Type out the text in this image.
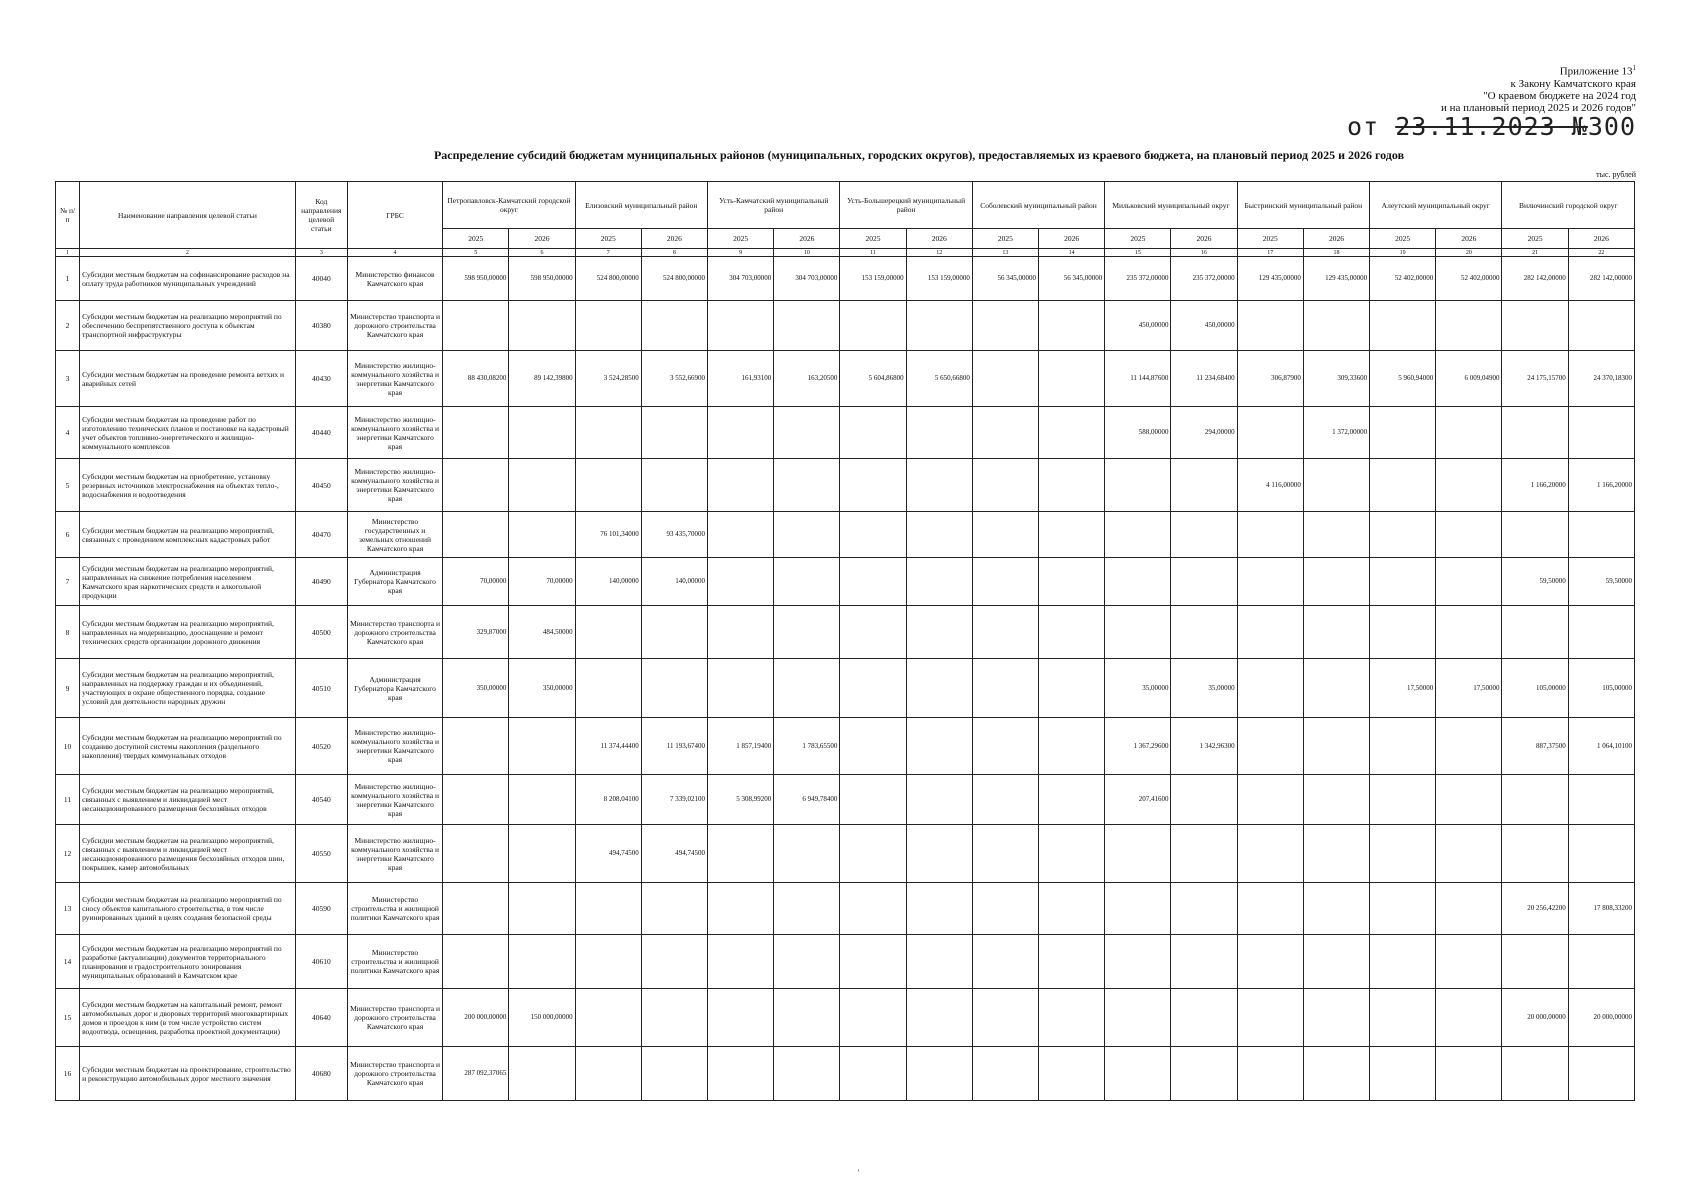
Приложение $13^1$
к Закону Камчатского края
"О краевом бюджете на 2024 год
и на плановый период 2025 и 2026 годов"
от 23.11.2023 №300
Распределение субсидий бюджетам муниципальных районов (муниципальных, городских округов), предоставляемых из краевого бюджета, на плановый период 2025 и 2026 годов
тыс. рублей
№ п/п	Наименование направления целевой статьи	Код направления целевой статьи	ГРБС	Петропавловск-Камчатский городской округ		Елизовский муниципальный район		Усть-Камчатский муниципальный район		Усть-Большерецкий муниципальный район		Соболевский муниципальный район		Мильковский муниципальный округ		Быстринский муниципальный район		Алеутский муниципальный округ		Вилючинский городской округ	
				2025	2026	2025	2026	2025	2026	2025	2026	2025	2026	2025	2026	2025	2026	2025	2026	2025	2026
1	2	3	4	5	6	7	8	9	10	11	12	13	14	15	16	17	18	19	20	21	22
1	Субсидии местным бюджетам на софинансирование расходов на оплату труда работников муниципальных учреждений	40040	Министерство финансов Камчатского края	598 950,00000	598 950,00000	524 800,00000	524 800,00000	304 703,00000	304 703,00000	153 159,00000	153 159,00000	56 345,00000	56 345,00000	235 372,00000	235 372,00000	129 435,00000	129 435,00000	52 402,00000	52 402,00000	282 142,00000	282 142,00000
2	Субсидии местным бюджетам на реализацию мероприятий по обеспечению беспрепятственного доступа к объектам транспортной инфраструктуры	40380	Министерство транспорта и дорожного строительства Камчатского края											450,00000	450,00000						
3	Субсидии местным бюджетам на проведение ремонта ветхих и аварийных сетей	40430	Министерство жилищно-коммунального хозяйства и энергетики Камчатского края	88 430,08200	89 142,39800	3 524,28500	3 552,66900	161,93100	163,20500	5 604,86800	5 650,66800			11 144,87600	11 234,68400	306,87900	309,33600	5 960,94000	6 009,04900	24 175,15700	24 370,18300
4	Субсидии местным бюджетам на проведение работ по изготовлению технических планов и постановке на кадастровый учет объектов топливно-энергетического и жилищно-коммунального комплексов	40440	Министерство жилищно-коммунального хозяйства и энергетики Камчатского края											588,00000	294,00000		1 372,00000				
5	Субсидии местным бюджетам на приобретение, установку резервных источников электроснабжения на объектах тепло-, водоснабжения и водоотведения	40450	Министерство жилищно-коммунального хозяйства и энергетики Камчатского края													4 116,00000				1 166,20000	1 166,20000
6	Субсидии местным бюджетам на реализацию мероприятий, связанных с проведением комплексных кадастровых работ	40470	Министерство государственных и земельных отношений Камчатского края			76 101,34000	93 435,70000														
7	Субсидии местным бюджетам на реализацию мероприятий, направленных на снижение потребления населением Камчатского края наркотических средств и алкогольной продукции	40490	Администрация Губернатора Камчатского края	70,00000	70,00000	140,00000	140,00000													59,50000	59,50000
8	Субсидии местным бюджетам на реализацию мероприятий, направленных на модернизацию, дооснащение и ремонт технических средств организации дорожного движения	40500	Министерство транспорта и дорожного строительства Камчатского края	329,87000	484,50000																
9	Субсидии местным бюджетам на реализацию мероприятий, направленных на поддержку граждан и их объединений, участвующих в охране общественного порядка, создание условий для деятельности народных дружин	40510	Администрация Губернатора Камчатского края	350,00000	350,00000									35,00000	35,00000			17,50000	17,50000	105,00000	105,00000
10	Субсидии местным бюджетам на реализацию мероприятий по созданию доступной системы накопления (раздельного накопления) твердых коммунальных отходов	40520	Министерство жилищно-коммунального хозяйства и энергетики Камчатского края			11 374,44400	11 193,67400	1 857,19400	1 783,65500					1 367,29600	1 342,96300					887,37500	1 064,10100
11	Субсидии местным бюджетам на реализацию мероприятий, связанных с выявлением и ликвидацией мест несанкционированного размещения бесхозяйных отходов	40540	Министерство жилищно-коммунального хозяйства и энергетики Камчатского края			8 208,04100	7 339,02100	5 308,99200	6 949,78400					207,41600							
12	Субсидии местным бюджетам на реализацию мероприятий, связанных с выявлением и ликвидацией мест несанкционированного размещения бесхозяйных отходов шин, покрышек, камер автомобильных	40550	Министерство жилищно-коммунального хозяйства и энергетики Камчатского края			494,74500	494,74500														
13	Субсидии местным бюджетам на реализацию мероприятий по сносу объектов капитального строительства, в том числе руинированных зданий в целях создания безопасной среды	40590	Министерство строительства и жилищной политики Камчатского края																	20 256,42200	17 808,33200
14	Субсидии местным бюджетам на реализацию мероприятий по разработке (актуализации) документов территориального планирования и градостроительного зонирования муниципальных образований в Камчатском крае	40610	Министерство строительства и жилищной политики Камчатского края																		
15	Субсидии местным бюджетам на капитальный ремонт, ремонт автомобильных дорог и дворовых территорий многоквартирных домов и проездов к ним (в том числе устройство систем водоотвода, освещения, разработка проектной документации)	40640	Министерство транспорта и дорожного строительства Камчатского края	200 000,00000	150 000,00000															20 000,00000	20 000,00000
16	Субсидии местным бюджетам на проектирование, строительство и реконструкцию автомобильных дорог местного значения	40680	Министерство транспорта и дорожного строительства Камчатского края	287 092,37065																	
'
